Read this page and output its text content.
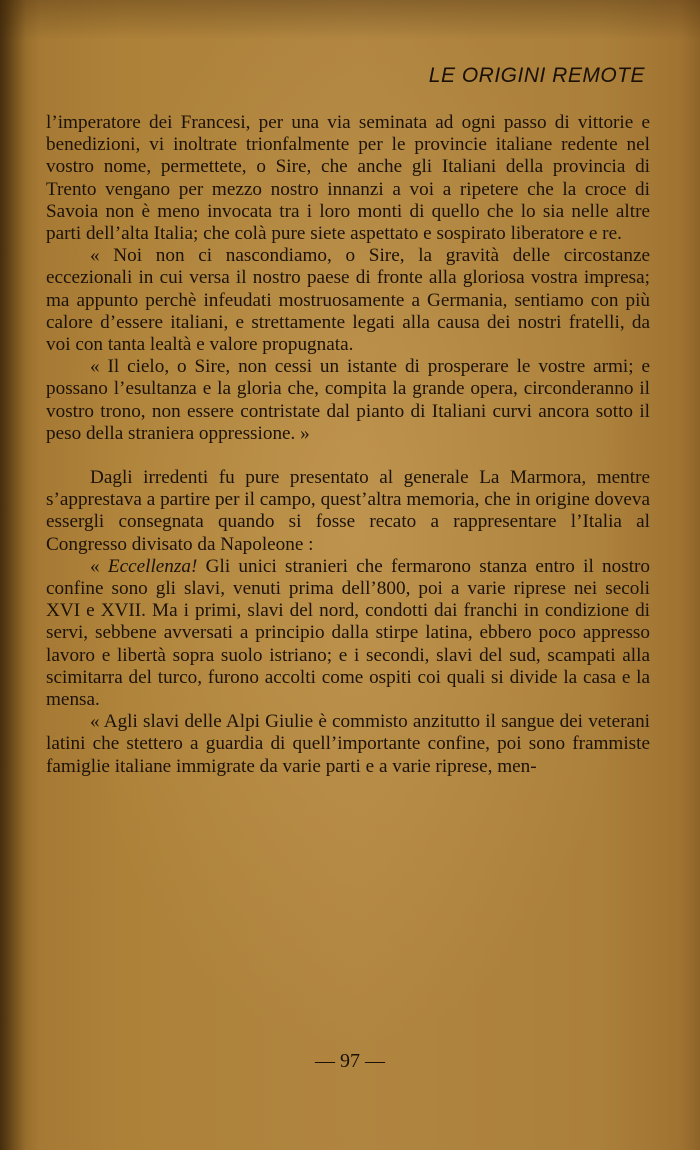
LE ORIGINI REMOTE

l’imperatore dei Francesi, per una via seminata ad ogni passo di vittorie e benedizioni, vi inoltrate trionfalmente per le provincie italiane redente nel vostro nome, permettete, o Sire, che anche gli Italiani della provincia di Trento vengano per mezzo nostro innanzi a voi a ripetere che la croce di Savoia non è meno invocata tra i loro monti di quello che lo sia nelle altre parti dell’alta Italia; che colà pure siete aspettato e sospirato liberatore e re.

« Noi non ci nascondiamo, o Sire, la gravità delle circostanze eccezionali in cui versa il nostro paese di fronte alla gloriosa vostra impresa; ma appunto perchè infeudati mostruosamente a Germania, sentiamo con più calore d’essere italiani, e strettamente legati alla causa dei nostri fratelli, da voi con tanta lealtà e valore propugnata.

« Il cielo, o Sire, non cessi un istante di prosperare le vostre armi; e possano l’esultanza e la gloria che, compita la grande opera, circonderanno il vostro trono, non essere contristate dal pianto di Italiani curvi ancora sotto il peso della straniera oppressione. »

Dagli irredenti fu pure presentato al generale La Marmora, mentre s’apprestava a partire per il campo, quest’altra memoria, che in origine doveva essergli consegnata quando si fosse recato a rappresentare l’Italia al Congresso divisato da Napoleone :

« Eccellenza! Gli unici stranieri che fermarono stanza entro il nostro confine sono gli slavi, venuti prima dell’800, poi a varie riprese nei secoli XVI e XVII. Ma i primi, slavi del nord, condotti dai franchi in condizione di servi, sebbene avversati a principio dalla stirpe latina, ebbero poco appresso lavoro e libertà sopra suolo istriano; e i secondi, slavi del sud, scampati alla scimitarra del turco, furono accolti come ospiti coi quali si divide la casa e la mensa.

« Agli slavi delle Alpi Giulie è commisto anzitutto il sangue dei veterani latini che stettero a guardia di quell’importante confine, poi sono frammiste famiglie italiane immigrate da varie parti e a varie riprese, men-

— 97 —
